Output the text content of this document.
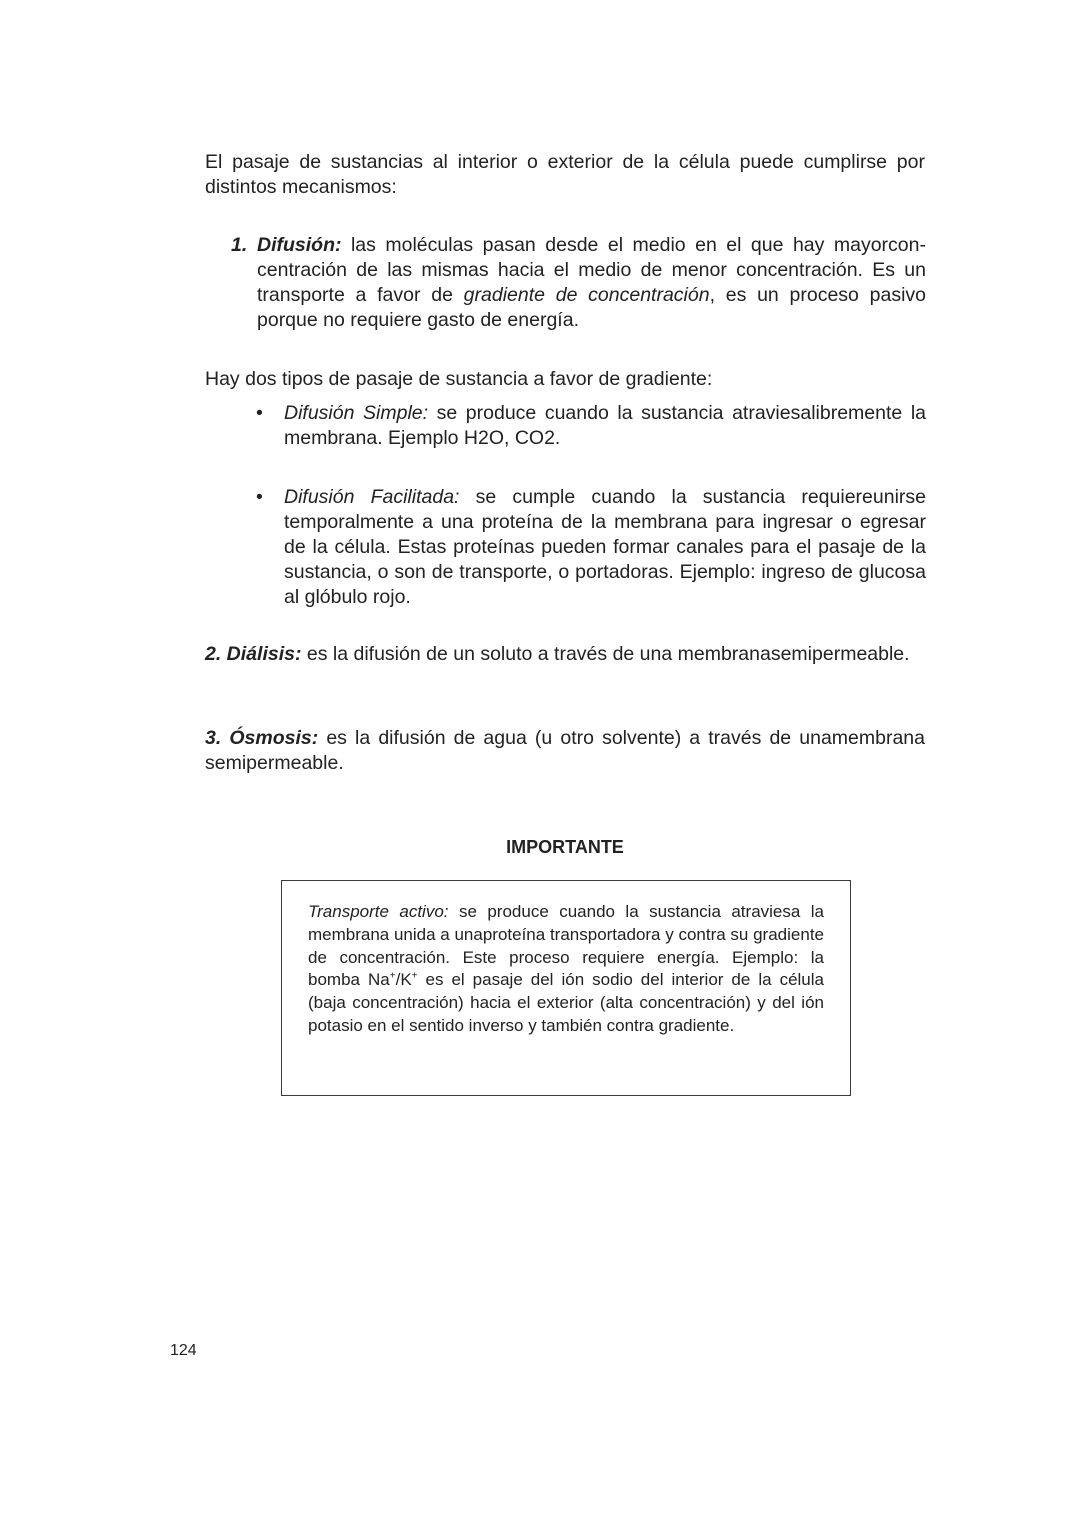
El pasaje de sustancias al interior o exterior de la célula puede cumplirse por distintos mecanismos:

1. Difusión: las moléculas pasan desde el medio en el que hay mayorconcentración de las mismas hacia el medio de menor concentración. Es un transporte a favor de gradiente de concentración, es un proceso pasivo porque no requiere gasto de energía.

Hay dos tipos de pasaje de sustancia a favor de gradiente:

• Difusión Simple: se produce cuando la sustancia atraviesalibremente la membrana. Ejemplo H2O, CO2.
• Difusión Facilitada: se cumple cuando la sustancia requiereunirse temporalmente a una proteína de la membrana para ingresar o egresar de la célula. Estas proteínas pueden formar canales para el pasaje de la sustancia, o son de transporte, o portadoras. Ejemplo: ingreso de glucosa al glóbulo rojo.

2. Diálisis: es la difusión de un soluto a través de una membranasemipermeable.

3. Ósmosis: es la difusión de agua (u otro solvente) a través de unamembrana semipermeable.

IMPORTANTE

Transporte activo: se produce cuando la sustancia atraviesa la membrana unida a unaproteína transportadora y contra su gradiente de concentración. Este proceso requiere energía. Ejemplo: la bomba Na+/K+ es el pasaje del ión sodio del interior de la célula (baja concentración) hacia el exterior (alta concentración) y del ión potasio en el sentido inverso y también contra gradiente.

124
